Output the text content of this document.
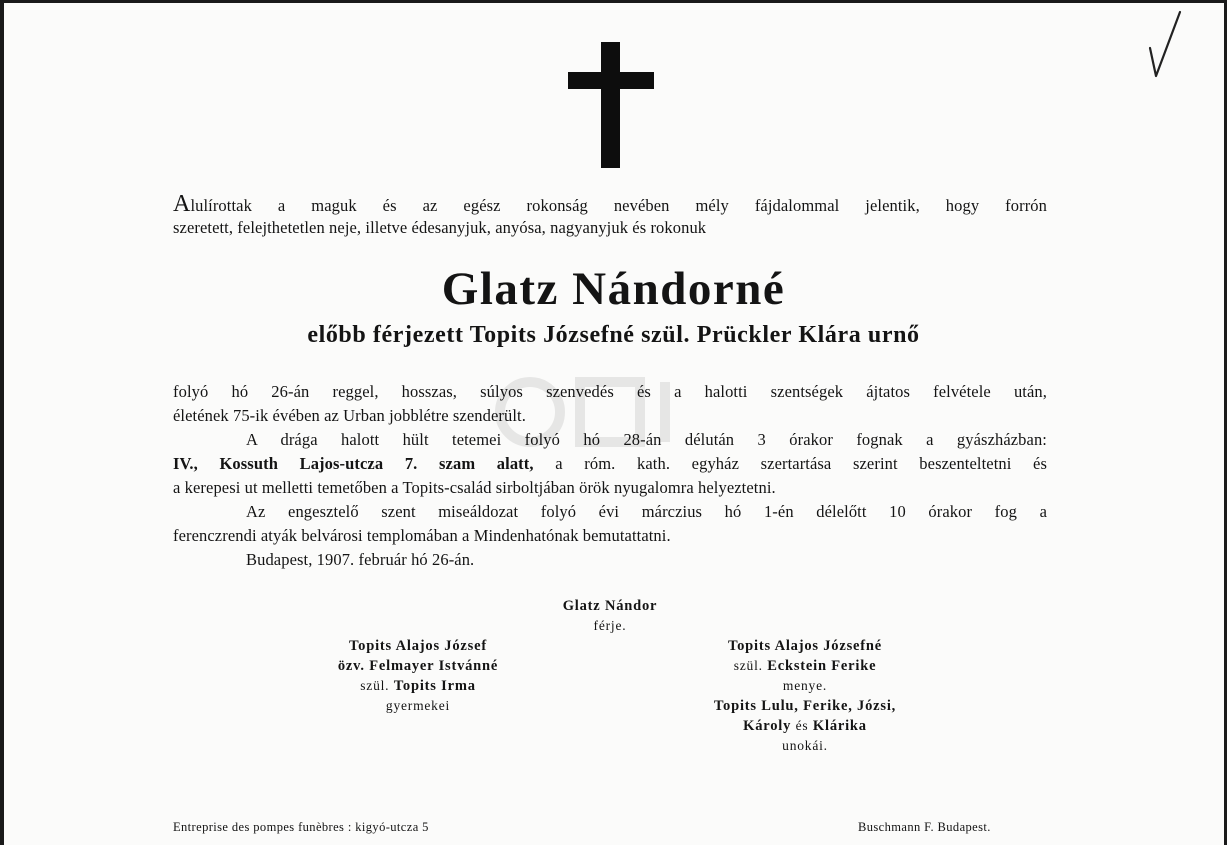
Alulírottak a maguk és az egész rokonság nevében mély fájdalommal jelentik, hogy forrón

szeretett, felejthetetlen neje, illetve édesanyjuk, anyósa, nagyanyjuk és rokonuk

Glatz Nándorné
előbb férjezett Topits Józsefné szül. Prückler Klára urnő

folyó hó 26-án reggel, hosszas, súlyos szenvedés és a halotti szentségek ájtatos felvétele után,

életének 75-ik évében az Urban jobblétre szenderült.

A drága halott hült tetemei folyó hó 28-án délután 3 órakor fognak a gyászházban:

IV., Kossuth Lajos-utcza 7. szam alatt, a róm. kath. egyház szertartása szerint beszenteltetni és

a kerepesi ut melletti temetőben a Topits-család sirboltjában örök nyugalomra helyeztetni.

Az engesztelő szent miseáldozat folyó évi márczius hó 1-én délelőtt 10 órakor fog a

ferenczrendi atyák belvárosi templomában a Mindenhatónak bemutattatni.

Budapest, 1907. február hó 26-án.

Glatz Nándor
férje.
Topits Alajos József
özv. Felmayer Istvánné
szül. Topits Irma
gyermekei
Topits Alajos Józsefné
szül. Eckstein Ferike
menye.
Topits Lulu, Ferike, Józsi,
Károly és Klárika
unokái.
Entreprise des pompes funèbres : kigyó-utcza 5	Buschmann F. Budapest.
